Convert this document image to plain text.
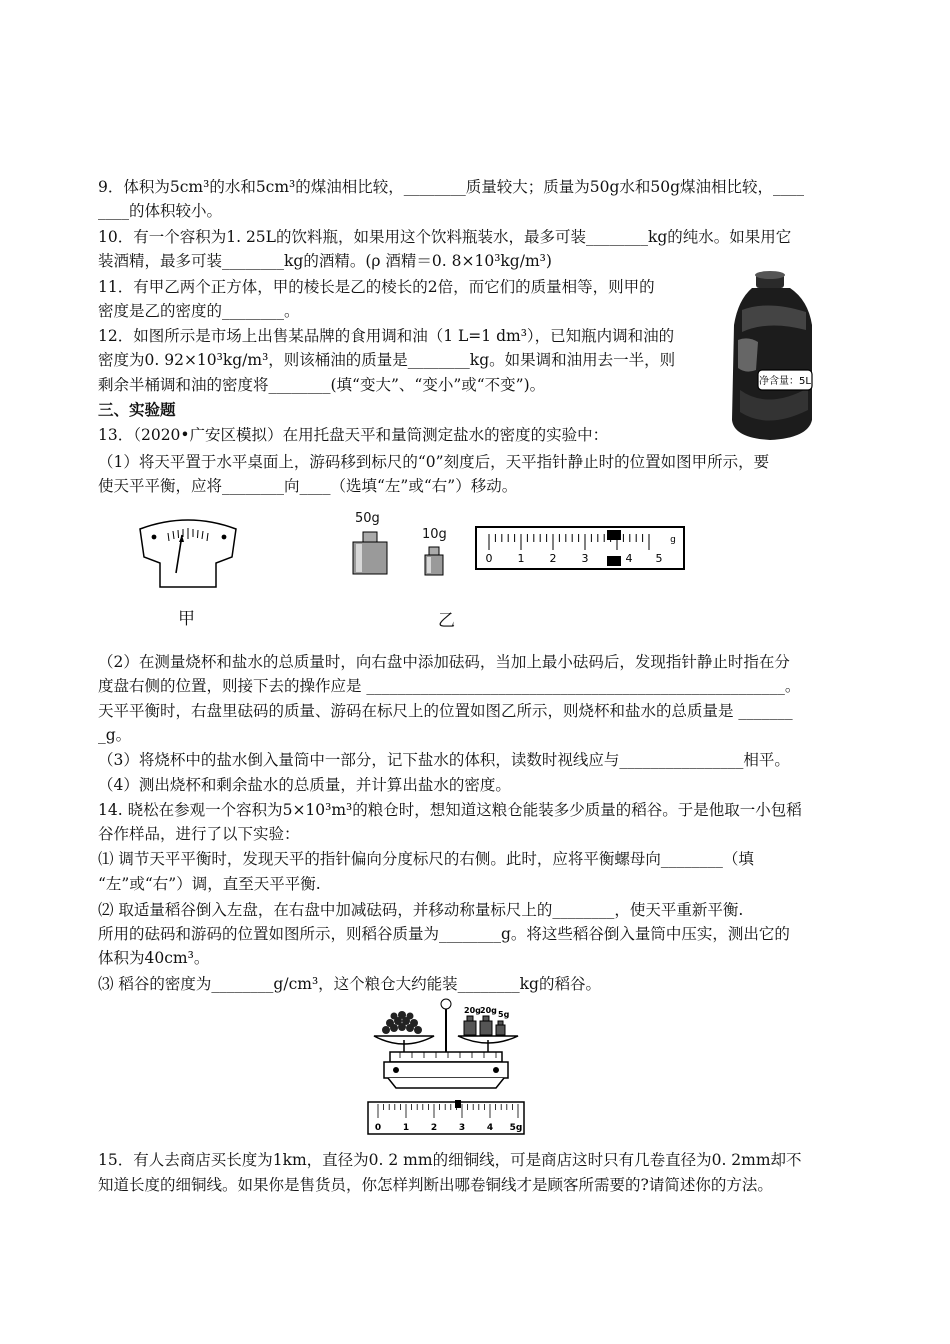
9．体积为5cm³的水和5cm³的煤油相比较，________质量较大；质量为50g水和50g煤油相比较，____
____的体积较小。
10．有一个容积为1. 25L的饮料瓶，如果用这个饮料瓶装水，最多可装________kg的纯水。如果用它
装酒精，最多可装________kg的酒精。(ρ 酒精＝0. 8×10³kg/m³)
11．有甲乙两个正方体，甲的棱长是乙的棱长的2倍，而它们的质量相等，则甲的
密度是乙的密度的________。
12．如图所示是市场上出售某品牌的食用调和油（1 L=1 dm³），已知瓶内调和油的
密度为0. 92×10³kg/m³，则该桶油的质量是________kg。如果调和油用去一半，则
剩余半桶调和油的密度将________(填“变大”、“变小”或“不变”)。	净含量：5L
三、实验题
13．（2020•广安区模拟）在用托盘天平和量筒测定盐水的密度的实验中：
（1）将天平置于水平桌面上，游码移到标尺的“0”刻度后，天平指针静止时的位置如图甲所示，要
使天平平衡，应将________向____（选填“左”或“右”）移动。
甲
50g
10g
0 1 2 3	4 5
g
乙
（2）在测量烧杯和盐水的总质量时，向右盘中添加砝码，当加上最小砝码后，发现指针静止时指在分
度盘右侧的位置，则接下去的操作应是 ______________________________________________________。
天平平衡时，右盘里砝码的质量、游码在标尺上的位置如图乙所示，则烧杯和盐水的总质量是 _______
_g。
（3）将烧杯中的盐水倒入量筒中一部分，记下盐水的体积，读数时视线应与________________相平。
（4）测出烧杯和剩余盐水的总质量，并计算出盐水的密度。
14. 晓松在参观一个容积为5×10³m³的粮仓时，想知道这粮仓能装多少质量的稻谷。于是他取一小包稻
谷作样品，进行了以下实验：
⑴ 调节天平平衡时，发现天平的指针偏向分度标尺的右侧。此时，应将平衡螺母向________（填
“左”或“右”）调，直至天平平衡.
⑵ 取适量稻谷倒入左盘，在右盘中加减砝码，并移动称量标尺上的________，使天平重新平衡.
所用的砝码和游码的位置如图所示，则稻谷质量为________g。将这些稻谷倒入量筒中压实，测出它的
体积为40cm³。
⑶ 稻谷的密度为________g/cm³，这个粮仓大约能装________kg的稻谷。
20g 20g 5g
0 1 2 3 4 5g
15．有人去商店买长度为1km，直径为0. 2 mm的细铜线，可是商店这时只有几卷直径为0. 2mm却不
知道长度的细铜线。如果你是售货员，你怎样判断出哪卷铜线才是顾客所需要的?请简述你的方法。
